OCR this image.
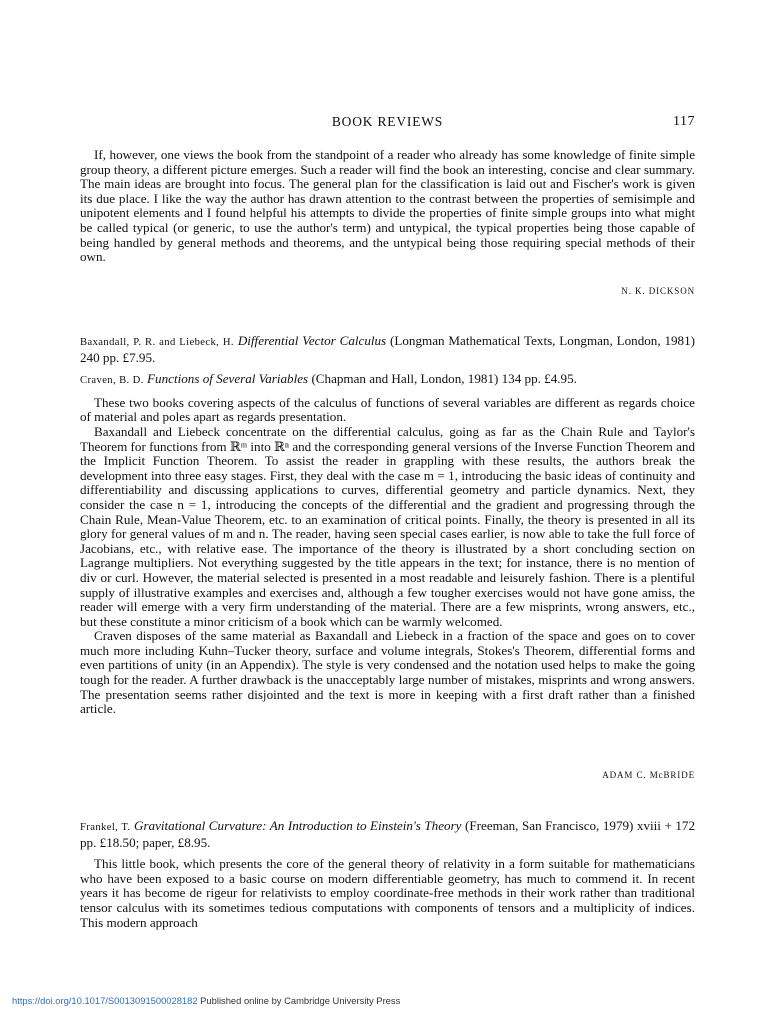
BOOK REVIEWS	117

If, however, one views the book from the standpoint of a reader who already has some knowledge of finite simple group theory, a different picture emerges. Such a reader will find the book an interesting, concise and clear summary. The main ideas are brought into focus. The general plan for the classification is laid out and Fischer's work is given its due place. I like the way the author has drawn attention to the contrast between the properties of semisimple and unipotent elements and I found helpful his attempts to divide the properties of finite simple groups into what might be called typical (or generic, to use the author's term) and untypical, the typical properties being those capable of being handled by general methods and theorems, and the untypical being those requiring special methods of their own.

N. K. DICKSON

Baxandall, P. R. and Liebeck, H. Differential Vector Calculus (Longman Mathematical Texts, Longman, London, 1981) 240 pp. £7.95.

Craven, B. D. Functions of Several Variables (Chapman and Hall, London, 1981) 134 pp. £4.95.

These two books covering aspects of the calculus of functions of several variables are different as regards choice of material and poles apart as regards presentation.

Baxandall and Liebeck concentrate on the differential calculus, going as far as the Chain Rule and Taylor's Theorem for functions from ℝᵐ into ℝⁿ and the corresponding general versions of the Inverse Function Theorem and the Implicit Function Theorem. To assist the reader in grappling with these results, the authors break the development into three easy stages. First, they deal with the case m = 1, introducing the basic ideas of continuity and differentiability and discussing applications to curves, differential geometry and particle dynamics. Next, they consider the case n = 1, introducing the concepts of the differential and the gradient and progressing through the Chain Rule, Mean-Value Theorem, etc. to an examination of critical points. Finally, the theory is presented in all its glory for general values of m and n. The reader, having seen special cases earlier, is now able to take the full force of Jacobians, etc., with relative ease. The importance of the theory is illustrated by a short concluding section on Lagrange multipliers. Not everything suggested by the title appears in the text; for instance, there is no mention of div or curl. However, the material selected is presented in a most readable and leisurely fashion. There is a plentiful supply of illustrative examples and exercises and, although a few tougher exercises would not have gone amiss, the reader will emerge with a very firm understanding of the material. There are a few misprints, wrong answers, etc., but these constitute a minor criticism of a book which can be warmly welcomed.

Craven disposes of the same material as Baxandall and Liebeck in a fraction of the space and goes on to cover much more including Kuhn–Tucker theory, surface and volume integrals, Stokes's Theorem, differential forms and even partitions of unity (in an Appendix). The style is very condensed and the notation used helps to make the going tough for the reader. A further drawback is the unacceptably large number of mistakes, misprints and wrong answers. The presentation seems rather disjointed and the text is more in keeping with a first draft rather than a finished article.

ADAM C. McBRIDE

Frankel, T. Gravitational Curvature: An Introduction to Einstein's Theory (Freeman, San Francisco, 1979) xviii + 172 pp. £18.50; paper, £8.95.

This little book, which presents the core of the general theory of relativity in a form suitable for mathematicians who have been exposed to a basic course on modern differentiable geometry, has much to commend it. In recent years it has become de rigeur for relativists to employ coordinate-free methods in their work rather than traditional tensor calculus with its sometimes tedious computations with components of tensors and a multiplicity of indices. This modern approach

https://doi.org/10.1017/S0013091500028182 Published online by Cambridge University Press
